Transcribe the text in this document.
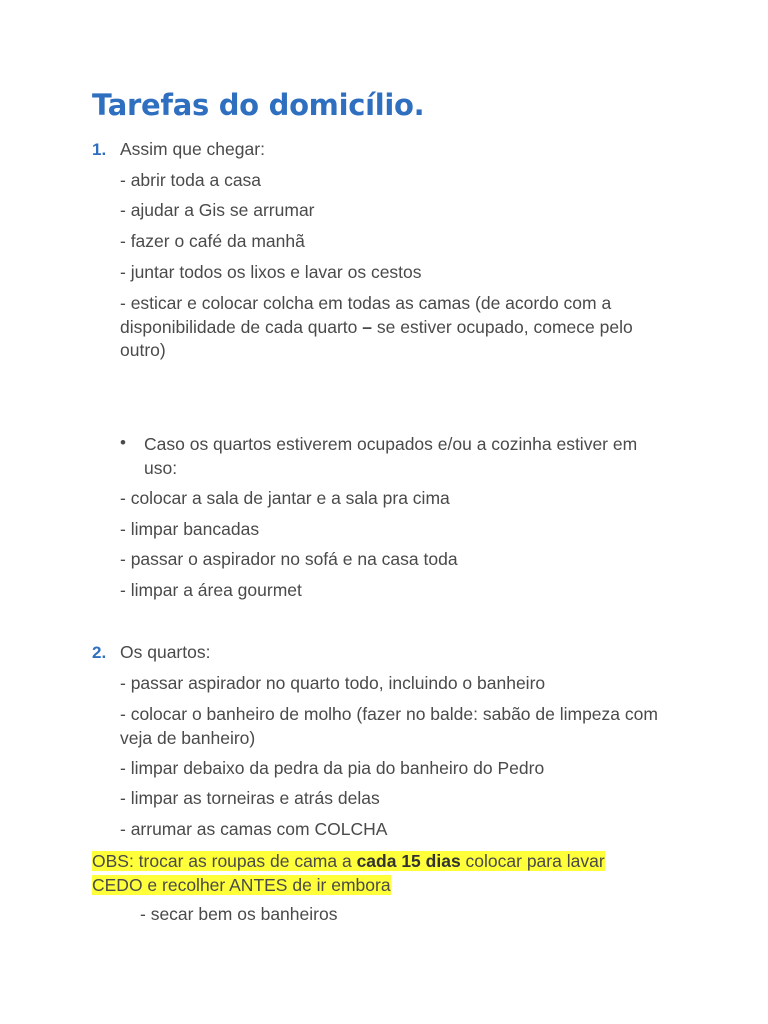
Tarefas do domicílio.
1. Assim que chegar:
- abrir toda a casa
- ajudar a Gis se arrumar
- fazer o café da manhã
- juntar todos os lixos e lavar os cestos
- esticar e colocar colcha em todas as camas (de acordo com a disponibilidade de cada quarto – se estiver ocupado, comece pelo outro)
• Caso os quartos estiverem ocupados e/ou a cozinha estiver em uso:
- colocar a sala de jantar e a sala pra cima
- limpar bancadas
- passar o aspirador no sofá e na casa toda
- limpar a área gourmet
2. Os quartos:
- passar aspirador no quarto todo, incluindo o banheiro
- colocar o banheiro de molho (fazer no balde: sabão de limpeza com veja de banheiro)
- limpar debaixo da pedra da pia do banheiro do Pedro
- limpar as torneiras e atrás delas
- arrumar as camas com COLCHA
OBS: trocar as roupas de cama a cada 15 dias colocar para lavar CEDO e recolher ANTES de ir embora
- secar bem os banheiros
